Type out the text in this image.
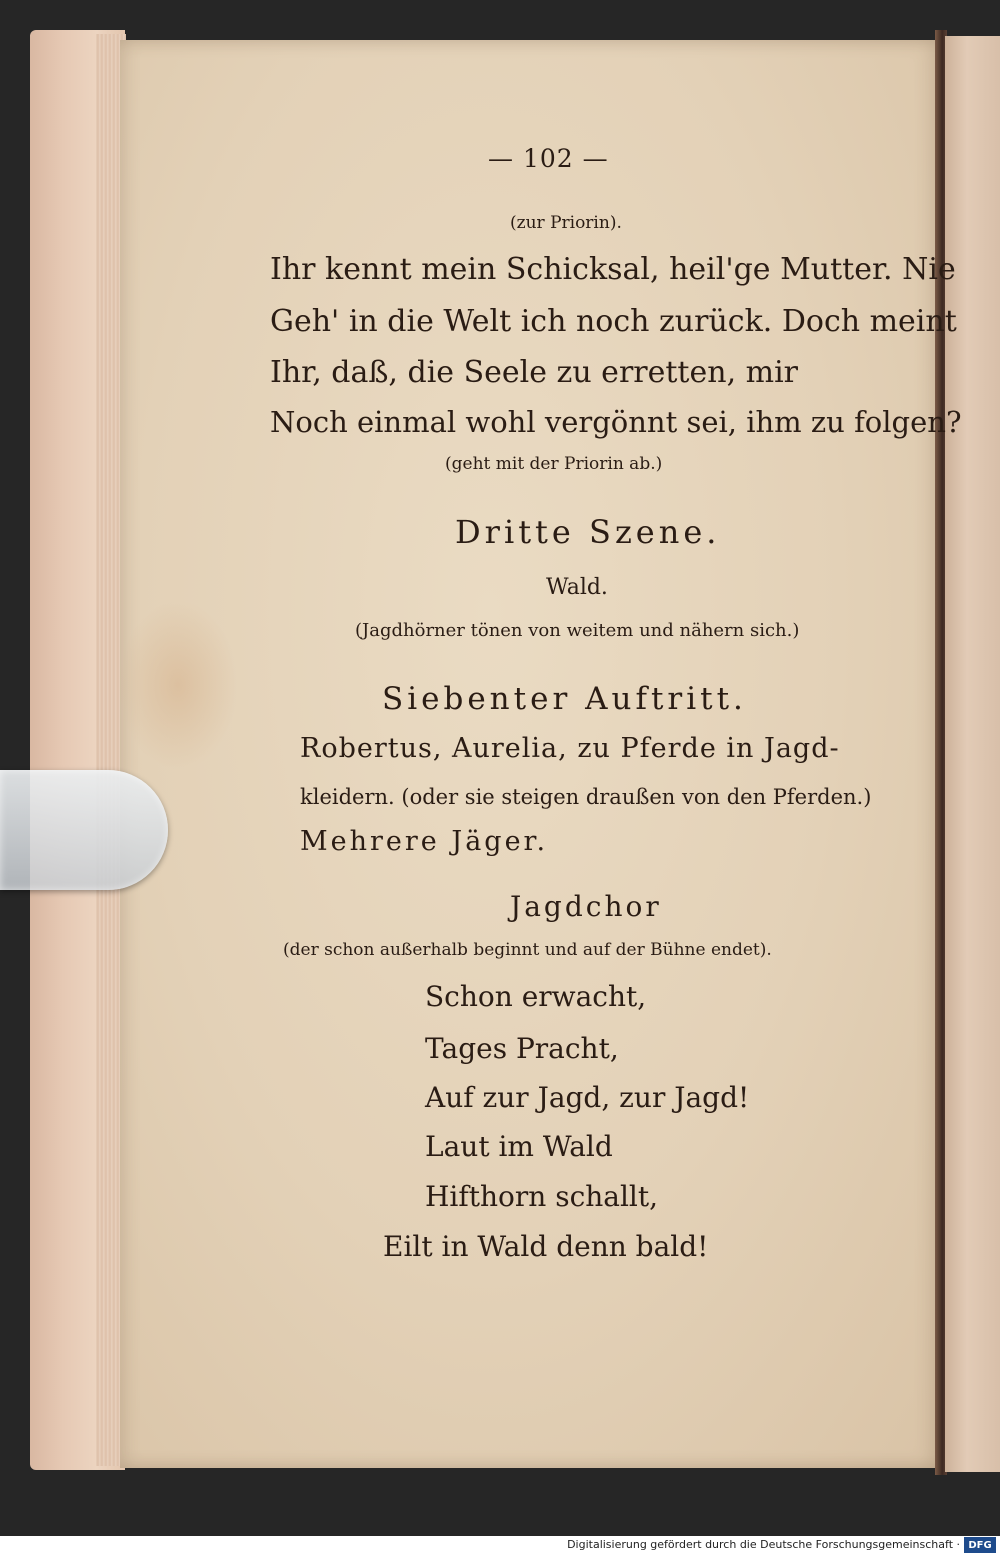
— 102 —
(zur Priorin).
Ihr kennt mein Schicksal, heil'ge Mutter. Nie
Geh' in die Welt ich noch zurück. Doch meint
Ihr, daß, die Seele zu erretten, mir
Noch einmal wohl vergönnt sei, ihm zu folgen?
(geht mit der Priorin ab.)
Dritte Szene.
Wald.
(Jagdhörner tönen von weitem und nähern sich.)
Siebenter Auftritt.
Robertus, Aurelia, zu Pferde in Jagd-
kleidern. (oder sie steigen draußen von den Pferden.)
Mehrere Jäger.
Jagdchor
(der schon außerhalb beginnt und auf der Bühne endet).
Schon erwacht,
Tages Pracht,
Auf zur Jagd, zur Jagd!
Laut im Wald
Hifthorn schallt,
Eilt in Wald denn bald!
Digitalisierung gefördert durch die Deutsche Forschungsgemeinschaft · DFG
